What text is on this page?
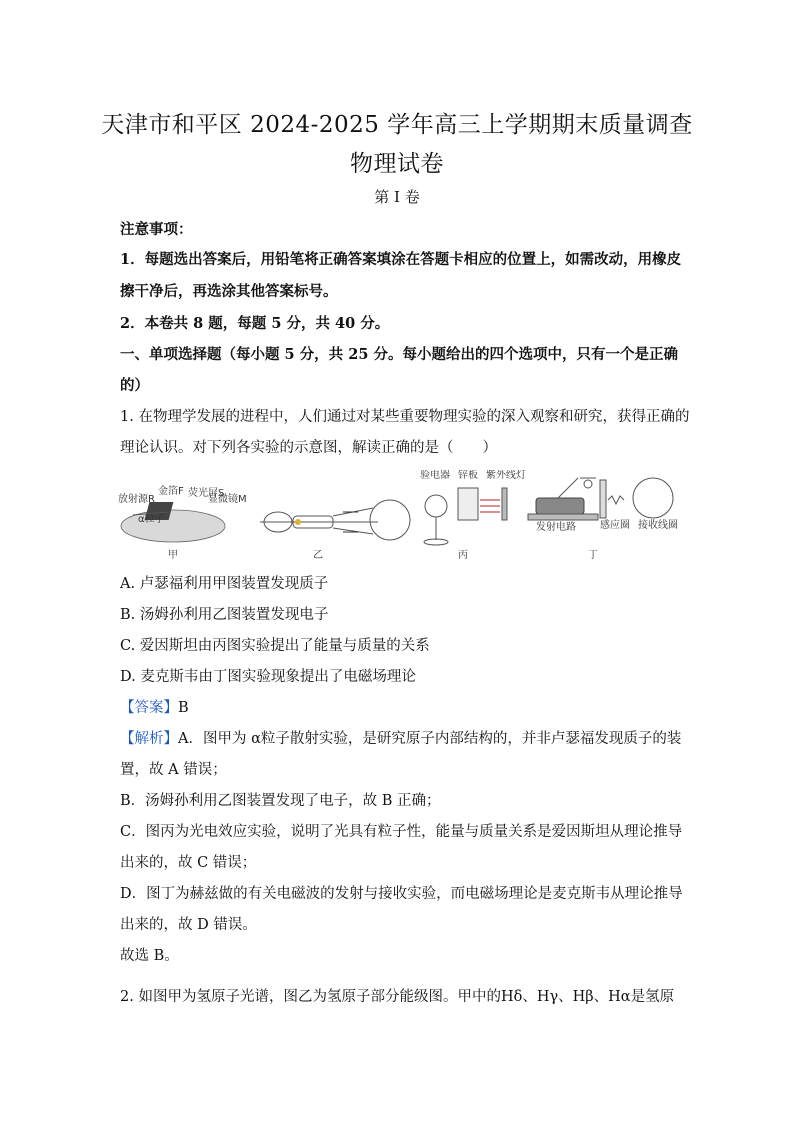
天津市和平区 2024-2025 学年高三上学期期末质量调查
物理试卷
第 I 卷
注意事项：
1．每题选出答案后，用铅笔将正确答案填涂在答题卡相应的位置上，如需改动，用橡皮
擦干净后，再选涂其他答案标号。
2．本卷共 8 题，每题 5 分，共 40 分。
一、单项选择题（每小题 5 分，共 25 分。每小题给出的四个选项中，只有一个是正确
的）
1. 在物理学发展的进程中，人们通过对某些重要物理实验的深入观察和研究，获得正确的
理论认识。对下列各实验的示意图，解读正确的是（　　）
放射源R
金箔F 荧光屏S
显微镜M
α粒子
甲	乙
验电器 锌板 紫外线灯
丙
发射电路 感应圈 接收线圈
丁
A. 卢瑟福利用甲图装置发现质子
B. 汤姆孙利用乙图装置发现电子
C. 爱因斯坦由丙图实验提出了能量与质量的关系
D. 麦克斯韦由丁图实验现象提出了电磁场理论
【答案】B
【解析】A．图甲为 α粒子散射实验，是研究原子内部结构的，并非卢瑟福发现质子的装
置，故 A 错误；
B．汤姆孙利用乙图装置发现了电子，故 B 正确；
C．图丙为光电效应实验，说明了光具有粒子性，能量与质量关系是爱因斯坦从理论推导
出来的，故 C 错误；
D．图丁为赫兹做的有关电磁波的发射与接收实验，而电磁场理论是麦克斯韦从理论推导
出来的，故 D 错误。
故选 B。
2. 如图甲为氢原子光谱，图乙为氢原子部分能级图。甲中的Hδ、Hγ、Hβ、Hα是氢原
